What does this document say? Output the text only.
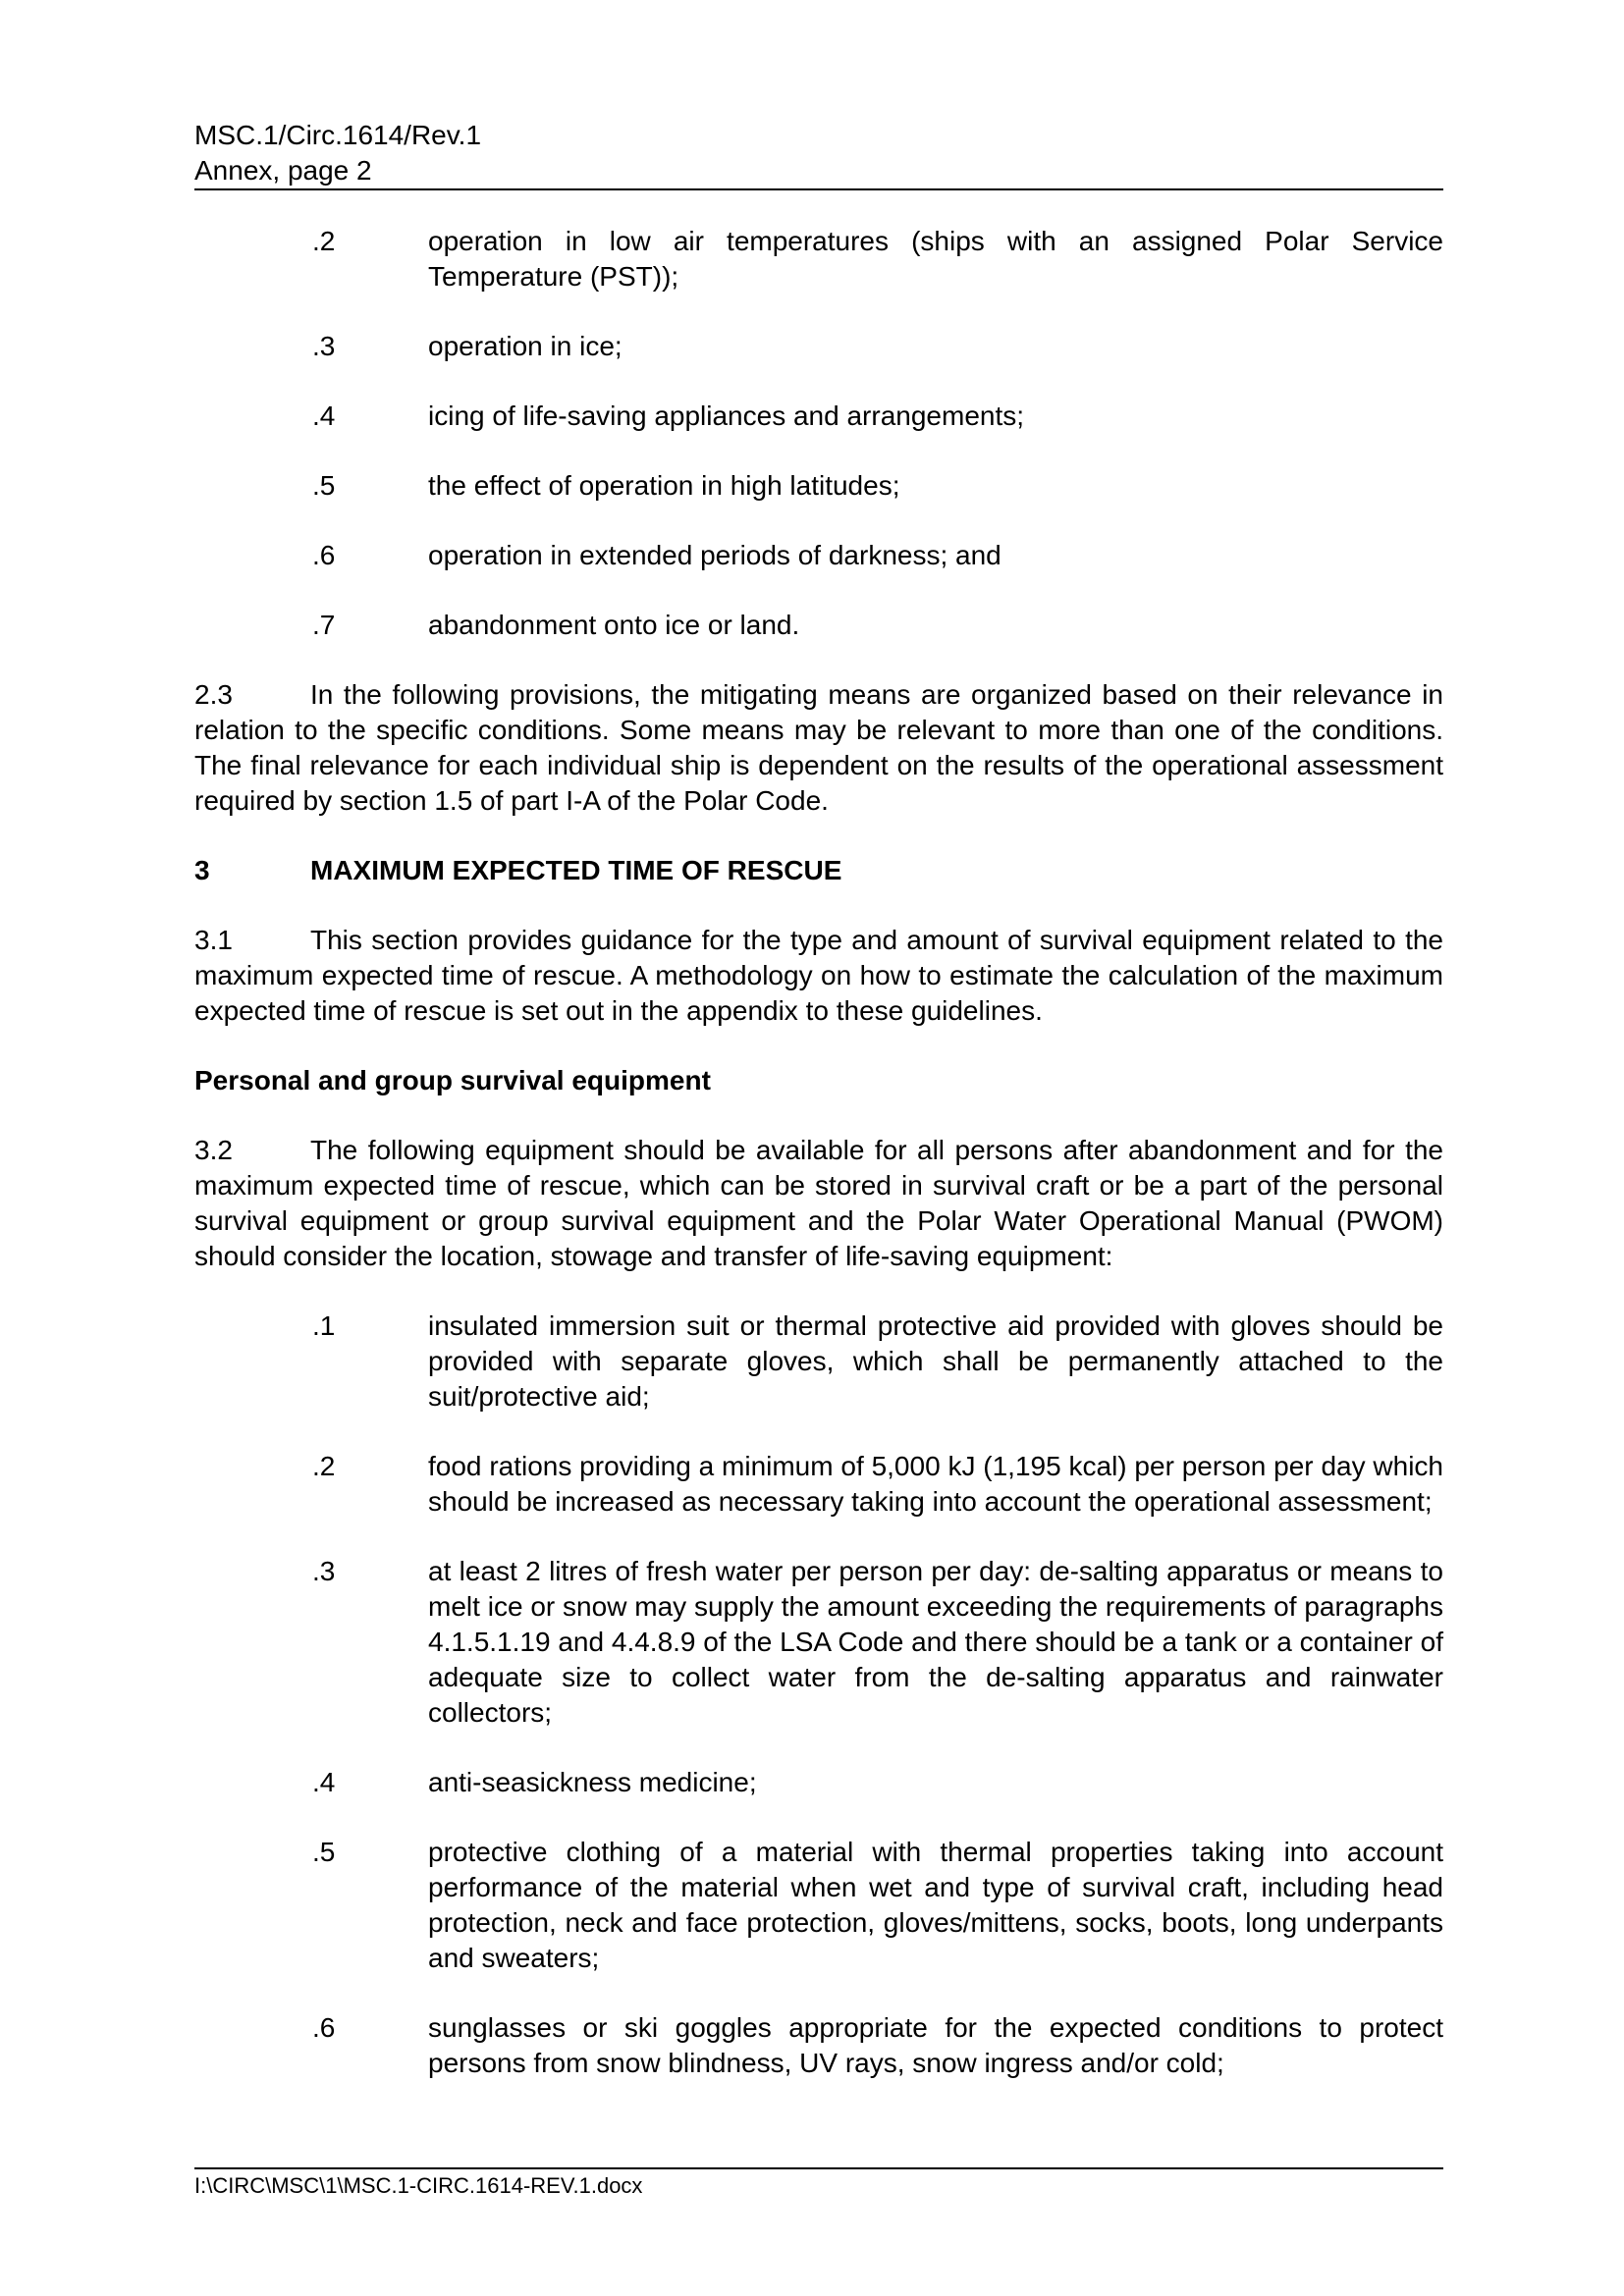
MSC.1/Circ.1614/Rev.1
Annex, page 2
.2	operation in low air temperatures (ships with an assigned Polar Service Temperature (PST));
.3	operation in ice;
.4	icing of life-saving appliances and arrangements;
.5	the effect of operation in high latitudes;
.6	operation in extended periods of darkness; and
.7	abandonment onto ice or land.
2.3	In the following provisions, the mitigating means are organized based on their relevance in relation to the specific conditions. Some means may be relevant to more than one of the conditions. The final relevance for each individual ship is dependent on the results of the operational assessment required by section 1.5 of part I-A of the Polar Code.
3	MAXIMUM EXPECTED TIME OF RESCUE
3.1	This section provides guidance for the type and amount of survival equipment related to the maximum expected time of rescue. A methodology on how to estimate the calculation of the maximum expected time of rescue is set out in the appendix to these guidelines.
Personal and group survival equipment
3.2	The following equipment should be available for all persons after abandonment and for the maximum expected time of rescue, which can be stored in survival craft or be a part of the personal survival equipment or group survival equipment and the Polar Water Operational Manual (PWOM) should consider the location, stowage and transfer of life-saving equipment:
.1	insulated immersion suit or thermal protective aid provided with gloves should be provided with separate gloves, which shall be permanently attached to the suit/protective aid;
.2	food rations providing a minimum of 5,000 kJ (1,195 kcal) per person per day which should be increased as necessary taking into account the operational assessment;
.3	at least 2 litres of fresh water per person per day: de-salting apparatus or means to melt ice or snow may supply the amount exceeding the requirements of paragraphs 4.1.5.1.19 and 4.4.8.9 of the LSA Code and there should be a tank or a container of adequate size to collect water from the de-salting apparatus and rainwater collectors;
.4	anti-seasickness medicine;
.5	protective clothing of a material with thermal properties taking into account performance of the material when wet and type of survival craft, including head protection, neck and face protection, gloves/mittens, socks, boots, long underpants and sweaters;
.6	sunglasses or ski goggles appropriate for the expected conditions to protect persons from snow blindness, UV rays, snow ingress and/or cold;
I:\CIRC\MSC\1\MSC.1-CIRC.1614-REV.1.docx
